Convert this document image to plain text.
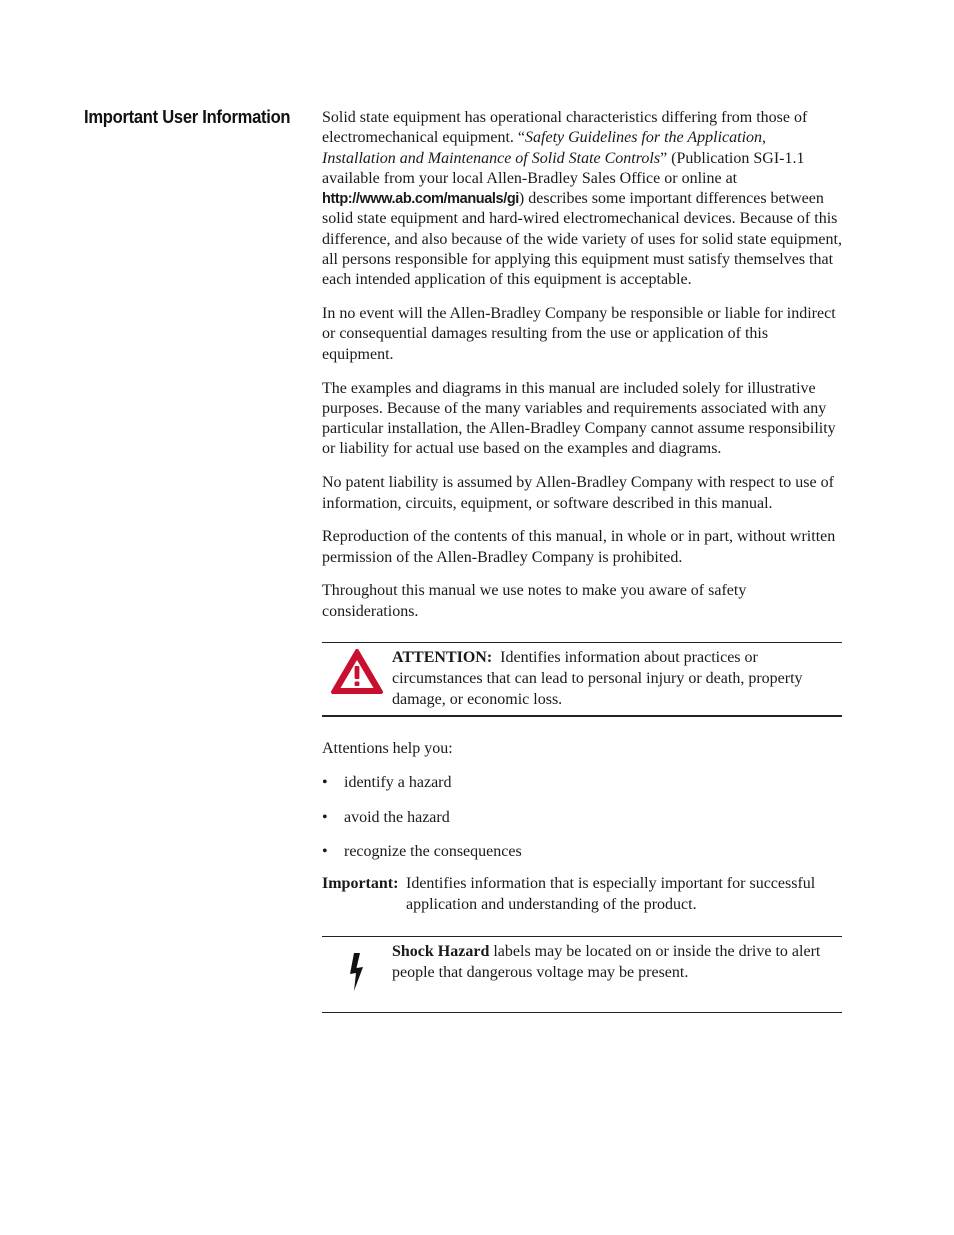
Important User Information Solid state equipment has operational characteristics differing from those of electromechanical equipment. “Safety Guidelines for the Application, Installation and Maintenance of Solid State Controls” (Publication SGI-1.1 available from your local Allen-Bradley Sales Office or online at http://www.ab.com/manuals/gi) describes some important differences between solid state equipment and hard-wired electromechanical devices. Because of this difference, and also because of the wide variety of uses for solid state equipment, all persons responsible for applying this equipment must satisfy themselves that each intended application of this equipment is acceptable.

In no event will the Allen-Bradley Company be responsible or liable for indirect or consequential damages resulting from the use or application of this equipment.

The examples and diagrams in this manual are included solely for illustrative purposes. Because of the many variables and requirements associated with any particular installation, the Allen-Bradley Company cannot assume responsibility or liability for actual use based on the examples and diagrams.

No patent liability is assumed by Allen-Bradley Company with respect to use of information, circuits, equipment, or software described in this manual.

Reproduction of the contents of this manual, in whole or in part, without written permission of the Allen-Bradley Company is prohibited.

Throughout this manual we use notes to make you aware of safety considerations.

ATTENTION: Identifies information about practices or circumstances that can lead to personal injury or death, property damage, or economic loss.

Attentions help you:

• identify a hazard
• avoid the hazard
• recognize the consequences
Important: Identifies information that is especially important for successful application and understanding of the product.
Shock Hazard labels may be located on or inside the drive to alert people that dangerous voltage may be present.
